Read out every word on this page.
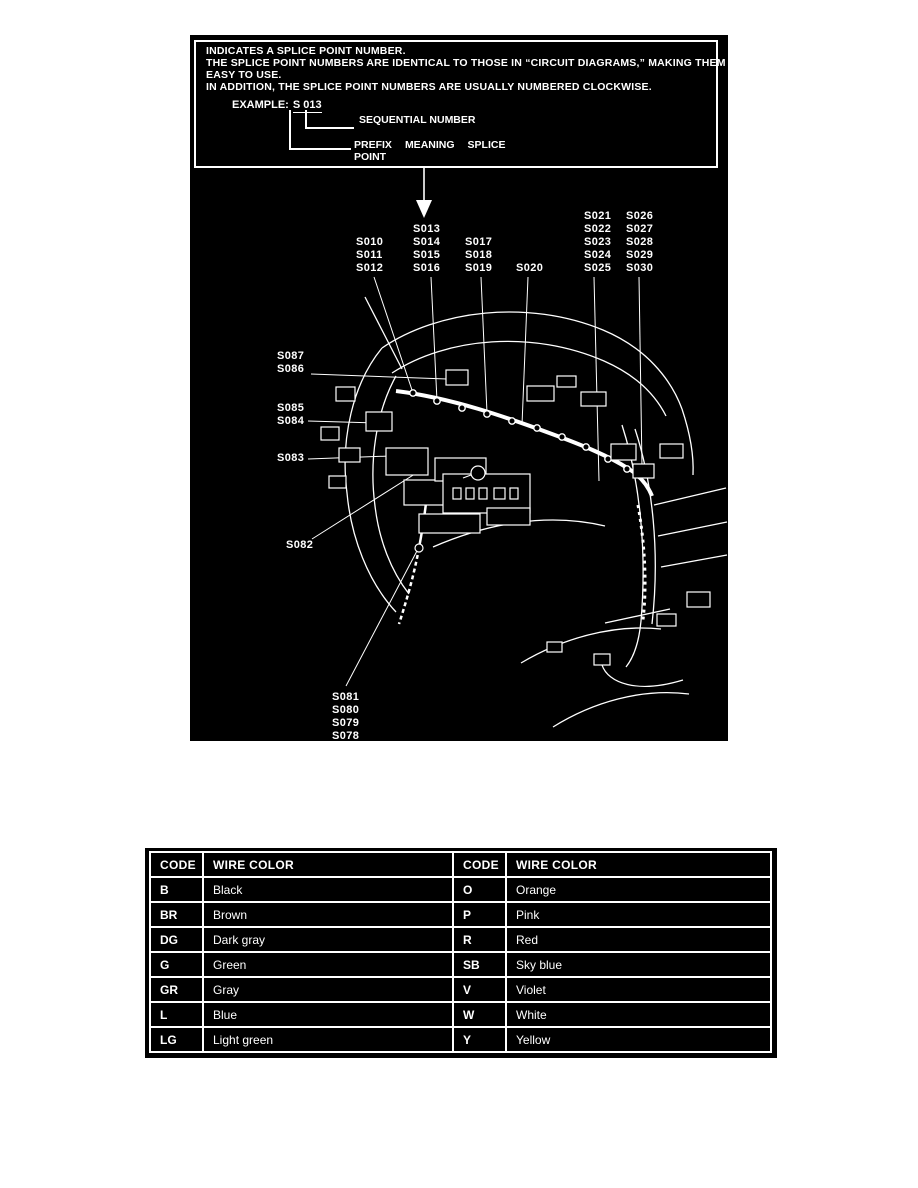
INDICATES A SPLICE POINT NUMBER.
THE SPLICE POINT NUMBERS ARE IDENTICAL TO THOSE IN “CIRCUIT DIAGRAMS,” MAKING THEM
EASY TO USE.
IN ADDITION, THE SPLICE POINT NUMBERS ARE USUALLY NUMBERED CLOCKWISE.
EXAMPLE: S 013
SEQUENTIAL NUMBER
PREFIX MEANING SPLICE
POINT
S010
S011
S012
S013
S014
S015
S016
S017
S018
S019 S020
S021
S022
S023
S024
S025
S026
S027
S028
S029
S030
S087
S086
S085
S084
S083
S082
S081
S080
S079
S078
CODE	WIRE COLOR	CODE	WIRE COLOR
B	Black	O	Orange
BR	Brown	P	Pink
DG	Dark gray	R	Red
G	Green	SB	Sky blue
GR	Gray	V	Violet
L	Blue	W	White
LG	Light green	Y	Yellow
